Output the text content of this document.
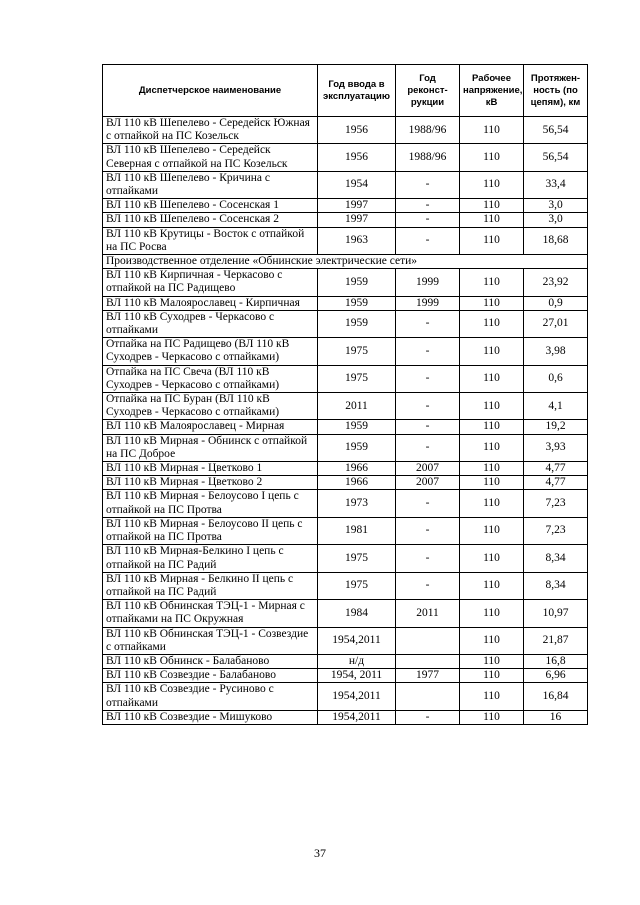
Диспетчерское наименование	Год ввода в эксплуатацию	Год реконст-рукции	Рабочее напряжение, кВ	Протяжен-ность (по цепям), км
ВЛ 110 кВ Шепелево - Середейск Южная с отпайкой на ПС Козельск	1956	1988/96	110	56,54
ВЛ 110 кВ Шепелево - Середейск Северная с отпайкой на ПС Козельск	1956	1988/96	110	56,54
ВЛ 110 кВ Шепелево - Кричина с отпайками	1954	-	110	33,4
ВЛ 110 кВ Шепелево - Сосенская 1	1997	-	110	3,0
ВЛ 110 кВ Шепелево - Сосенская 2	1997	-	110	3,0
ВЛ 110 кВ Крутицы - Восток с отпайкой на ПС Росва	1963	-	110	18,68
Производственное отделение «Обнинские электрические сети»				
ВЛ 110 кВ Кирпичная - Черкасово с отпайкой на ПС Радищево	1959	1999	110	23,92
ВЛ 110 кВ Малоярославец - Кирпичная	1959	1999	110	0,9
ВЛ 110 кВ Суходрев - Черкасово с отпайками	1959	-	110	27,01
Отпайка на ПС Радищево (ВЛ 110 кВ Суходрев - Черкасово с отпайками)	1975	-	110	3,98
Отпайка на ПС Свеча (ВЛ 110 кВ Суходрев - Черкасово с отпайками)	1975	-	110	0,6
Отпайка на ПС Буран (ВЛ 110 кВ Суходрев - Черкасово с отпайками)	2011	-	110	4,1
ВЛ 110 кВ Малоярославец - Мирная	1959	-	110	19,2
ВЛ 110 кВ Мирная - Обнинск с отпайкой на ПС Доброе	1959	-	110	3,93
ВЛ 110 кВ Мирная - Цветково 1	1966	2007	110	4,77
ВЛ 110 кВ Мирная - Цветково 2	1966	2007	110	4,77
ВЛ 110 кВ Мирная - Белоусово I цепь с отпайкой на ПС Протва	1973	-	110	7,23
ВЛ 110 кВ Мирная - Белоусово II цепь с отпайкой на ПС Протва	1981	-	110	7,23
ВЛ 110 кВ Мирная-Белкино I цепь с отпайкой на ПС Радий	1975	-	110	8,34
ВЛ 110 кВ Мирная - Белкино II цепь с отпайкой на ПС Радий	1975	-	110	8,34
ВЛ 110 кВ Обнинская ТЭЦ-1 - Мирная с отпайками на ПС Окружная	1984	2011	110	10,97
ВЛ 110 кВ Обнинская ТЭЦ-1 - Созвездие с отпайками	1954,2011		110	21,87
ВЛ 110 кВ Обнинск - Балабаново	н/д		110	16,8
ВЛ 110 кВ Созвездие - Балабаново	1954, 2011	1977	110	6,96
ВЛ 110 кВ Созвездие - Русиново с отпайками	1954,2011		110	16,84
ВЛ 110 кВ Созвездие - Мишуково	1954,2011	-	110	16
37
